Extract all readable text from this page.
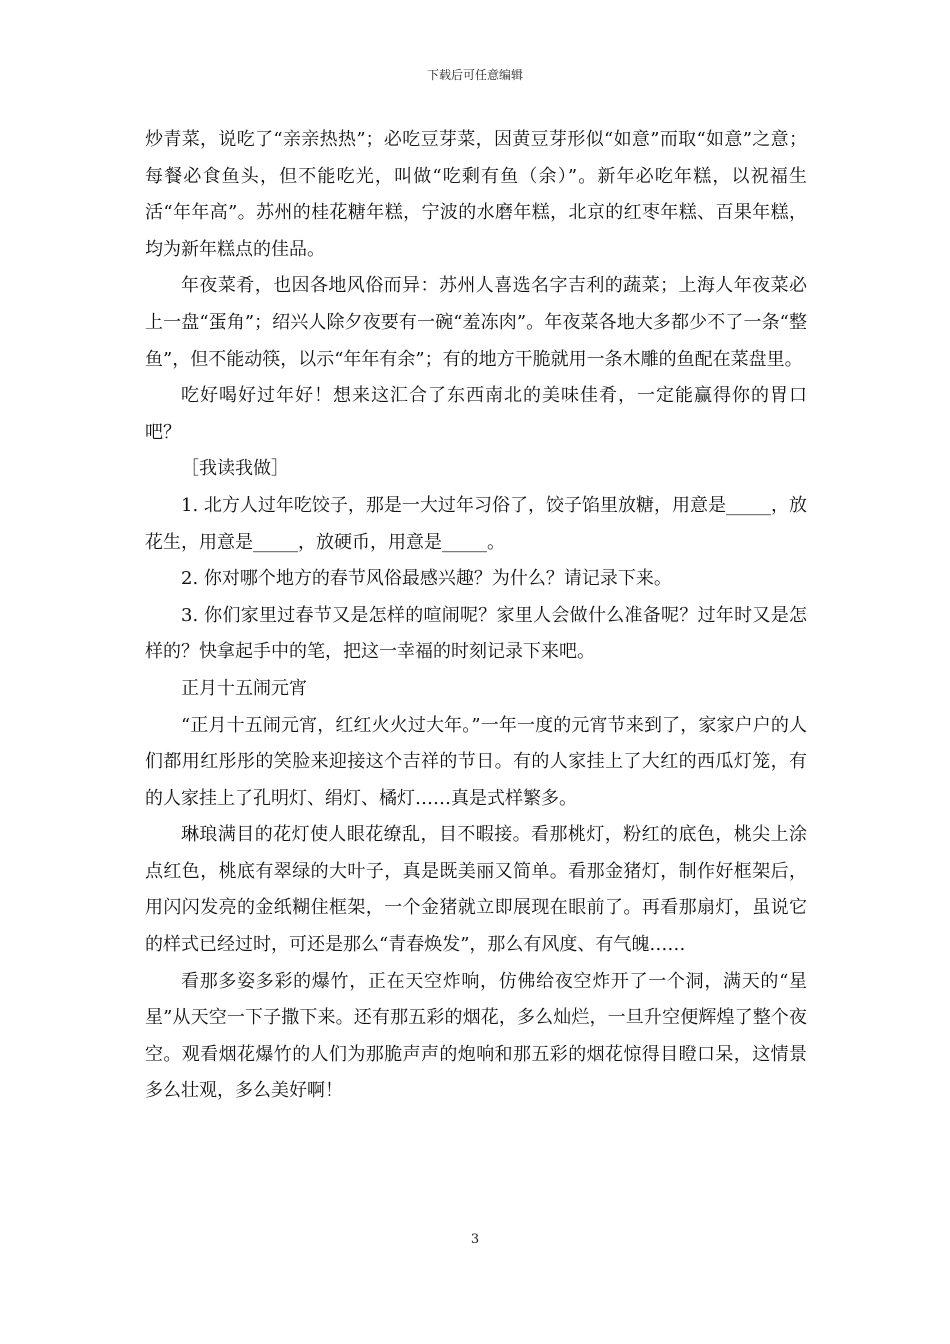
下载后可任意编辑

炒青菜，说吃了“亲亲热热”；必吃豆芽菜，因黄豆芽形似“如意”而取“如意”之意；每餐必食鱼头，但不能吃光，叫做“吃剩有鱼（余）”。新年必吃年糕，以祝福生活“年年高”。苏州的桂花糖年糕，宁波的水磨年糕，北京的红枣年糕、百果年糕，均为新年糕点的佳品。

年夜菜肴，也因各地风俗而异：苏州人喜选名字吉利的蔬菜；上海人年夜菜必上一盘“蛋角”；绍兴人除夕夜要有一碗“羞冻肉”。年夜菜各地大多都少不了一条“整鱼”，但不能动筷，以示“年年有余”；有的地方干脆就用一条木雕的鱼配在菜盘里。

吃好喝好过年好！想来这汇合了东西南北的美味佳肴，一定能赢得你的胃口吧？

［我读我做］

1. 北方人过年吃饺子，那是一大过年习俗了，饺子馅里放糖，用意是_____，放花生，用意是_____，放硬币，用意是_____。

2. 你对哪个地方的春节风俗最感兴趣？为什么？请记录下来。

3. 你们家里过春节又是怎样的喧闹呢？家里人会做什么准备呢？过年时又是怎样的？快拿起手中的笔，把这一幸福的时刻记录下来吧。

正月十五闹元宵

“正月十五闹元宵，红红火火过大年。”一年一度的元宵节来到了，家家户户的人们都用红彤彤的笑脸来迎接这个吉祥的节日。有的人家挂上了大红的西瓜灯笼，有的人家挂上了孔明灯、绢灯、橘灯……真是式样繁多。

琳琅满目的花灯使人眼花缭乱，目不暇接。看那桃灯，粉红的底色，桃尖上涂点红色，桃底有翠绿的大叶子，真是既美丽又简单。看那金猪灯，制作好框架后，用闪闪发亮的金纸糊住框架，一个金猪就立即展现在眼前了。再看那扇灯，虽说它的样式已经过时，可还是那么“青春焕发”，那么有风度、有气魄……

看那多姿多彩的爆竹，正在天空炸响，仿佛给夜空炸开了一个洞，满天的“星星”从天空一下子撒下来。还有那五彩的烟花，多么灿烂，一旦升空便辉煌了整个夜空。观看烟花爆竹的人们为那脆声声的炮响和那五彩的烟花惊得目瞪口呆，这情景多么壮观，多么美好啊！

3
